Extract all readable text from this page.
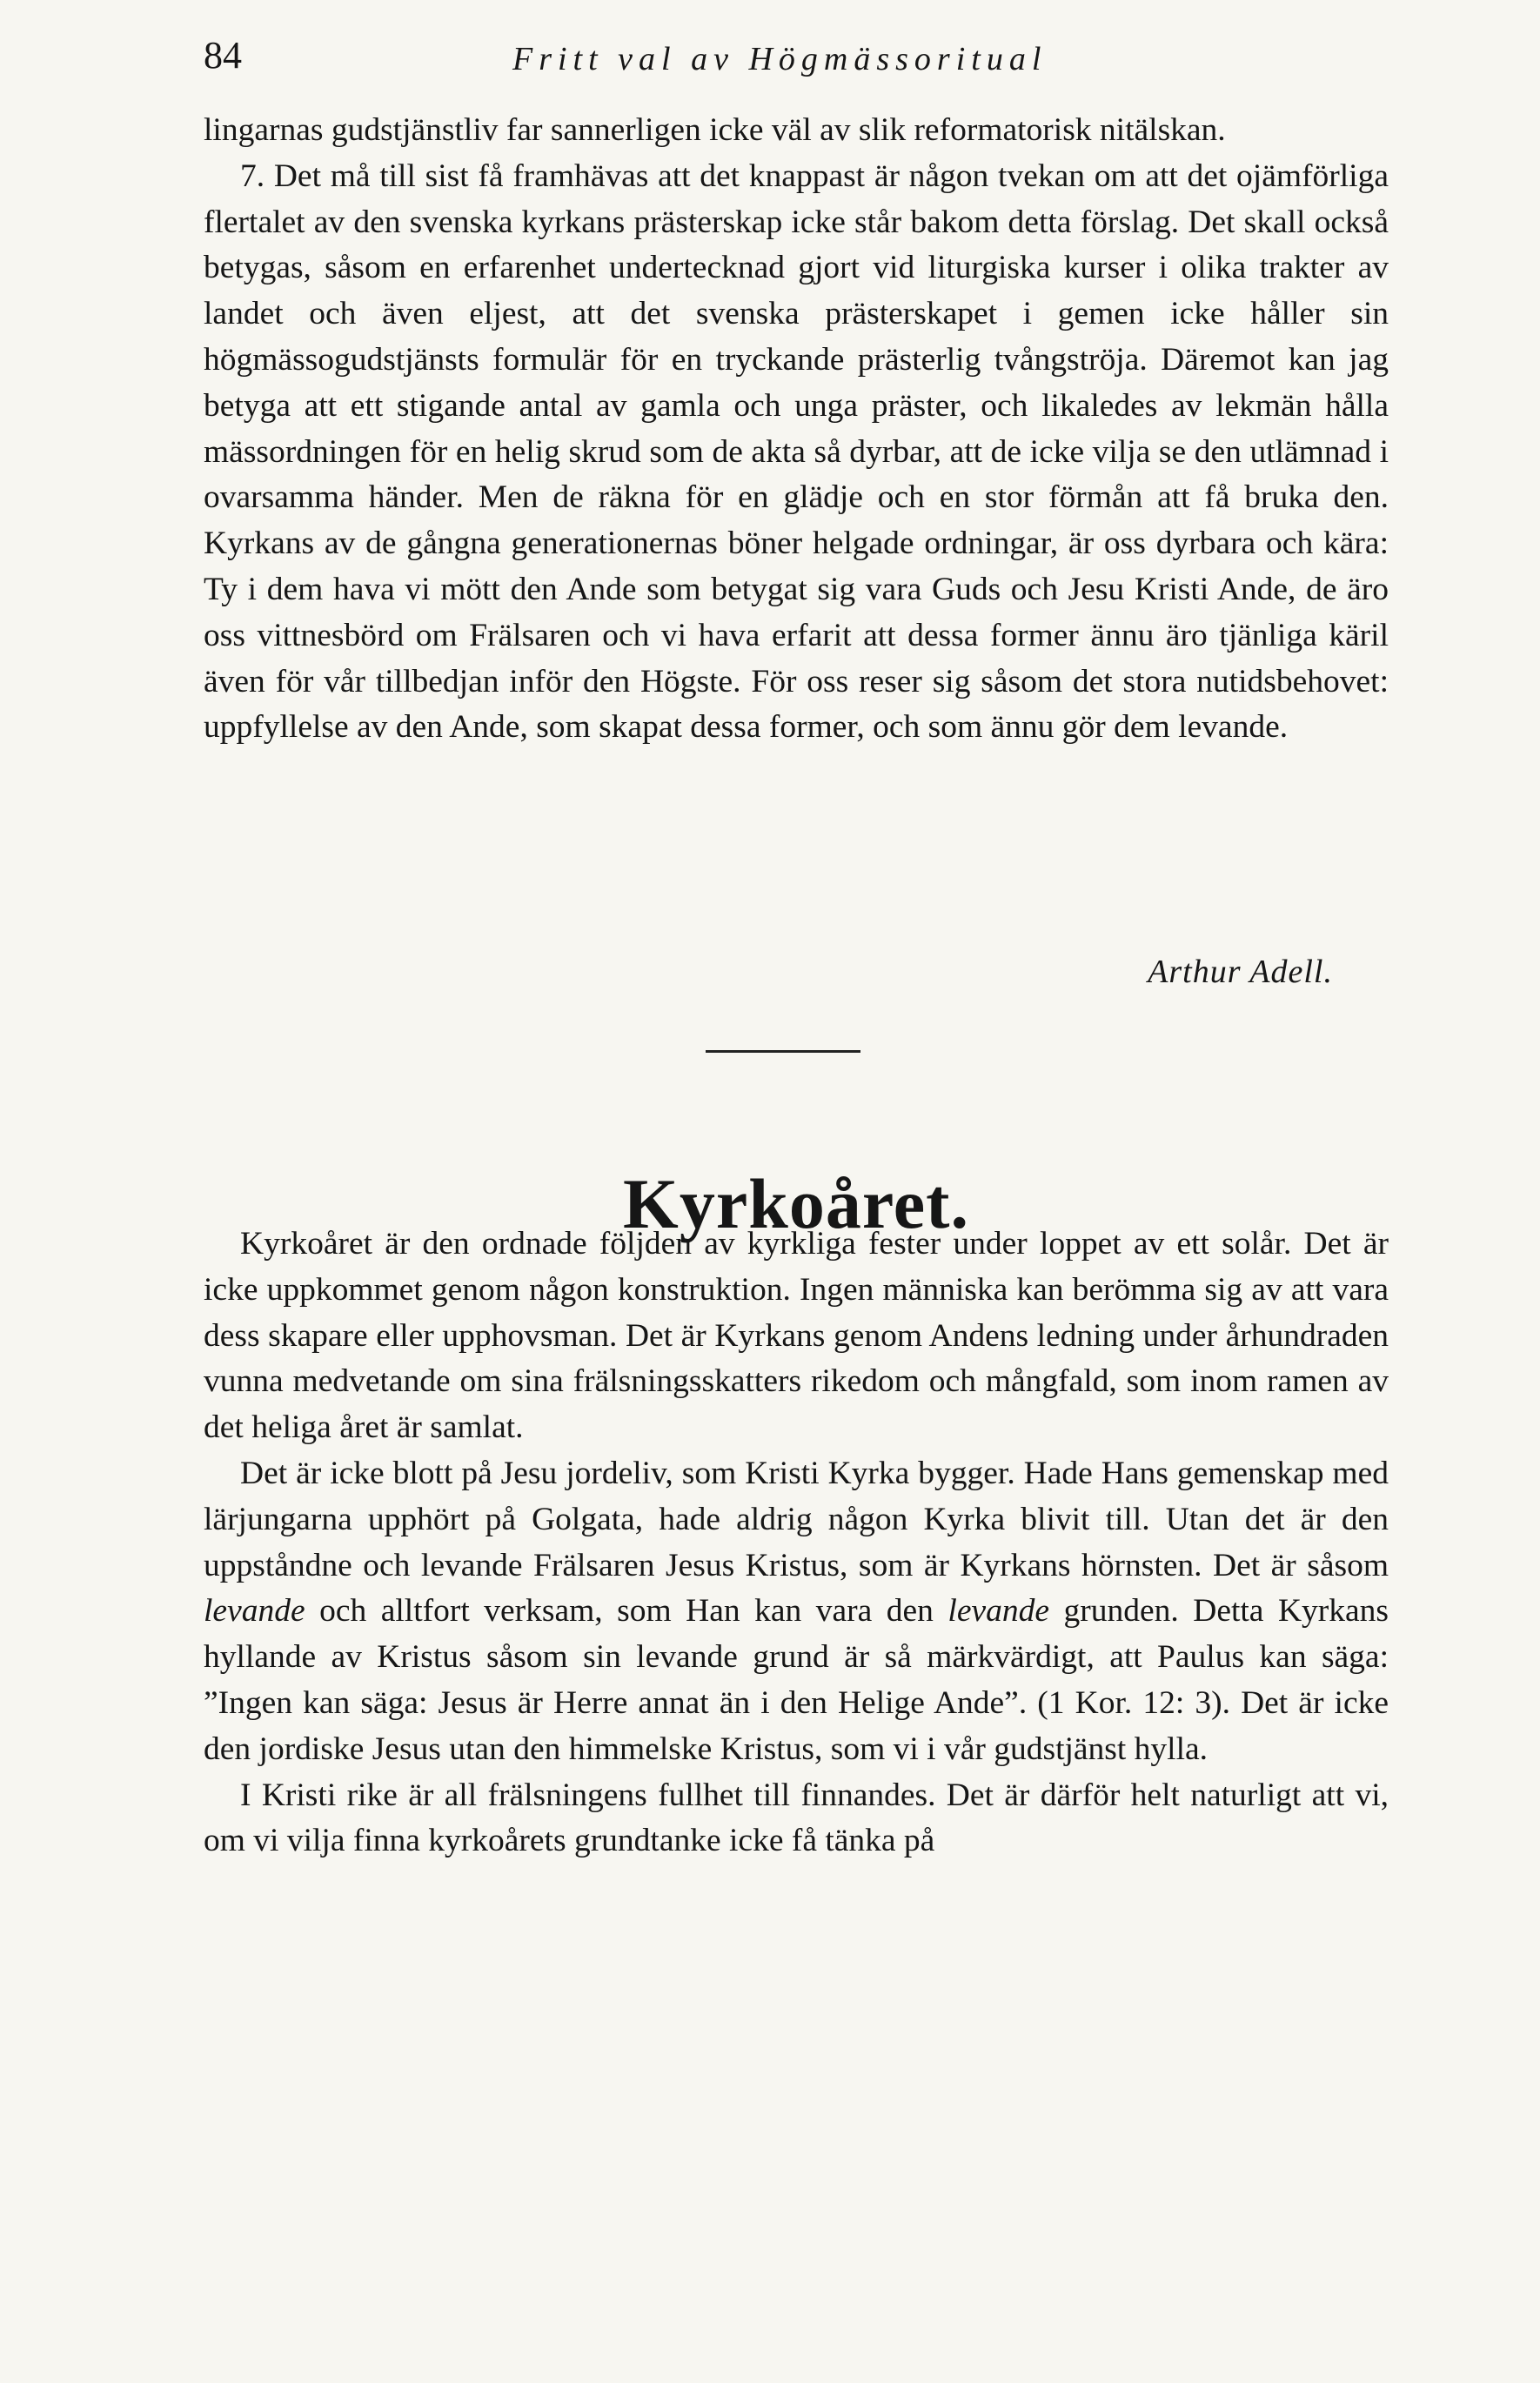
84	Fritt val av Högmässoritual

lingarnas gudstjänstliv far sannerligen icke väl av slik reformatorisk nitälskan.

7. Det må till sist få framhävas att det knappast är någon tvekan om att det ojämförliga flertalet av den svenska kyrkans prästerskap icke står bakom detta förslag. Det skall också betygas, såsom en erfarenhet undertecknad gjort vid liturgiska kurser i olika trakter av landet och även eljest, att det svenska prästerskapet i gemen icke håller sin högmässogudstjänsts formulär för en tryckande prästerlig tvångströja. Däremot kan jag betyga att ett stigande antal av gamla och unga präster, och likaledes av lekmän hålla mässordningen för en helig skrud som de akta så dyrbar, att de icke vilja se den utlämnad i ovarsamma händer. Men de räkna för en glädje och en stor förmån att få bruka den. Kyrkans av de gångna generationernas böner helgade ordningar, är oss dyrbara och kära: Ty i dem hava vi mött den Ande som betygat sig vara Guds och Jesu Kristi Ande, de äro oss vittnesbörd om Frälsaren och vi hava erfarit att dessa former ännu äro tjänliga käril även för vår tillbedjan inför den Högste. För oss reser sig såsom det stora nutidsbehovet: uppfyllelse av den Ande, som skapat dessa former, och som ännu gör dem levande.

Arthur Adell.
Kyrkoåret.

Kyrkoåret är den ordnade följden av kyrkliga fester under loppet av ett solår. Det är icke uppkommet genom någon konstruktion. Ingen människa kan berömma sig av att vara dess skapare eller upphovsman. Det är Kyrkans genom Andens ledning under århundraden vunna medvetande om sina frälsningsskatters rikedom och mångfald, som inom ramen av det heliga året är samlat.

Det är icke blott på Jesu jordeliv, som Kristi Kyrka bygger. Hade Hans gemenskap med lärjungarna upphört på Golgata, hade aldrig någon Kyrka blivit till. Utan det är den uppståndne och levande Frälsaren Jesus Kristus, som är Kyrkans hörnsten. Det är såsom levande och alltfort verksam, som Han kan vara den levande grunden. Detta Kyrkans hyllande av Kristus såsom sin levande grund är så märkvärdigt, att Paulus kan säga: ”Ingen kan säga: Jesus är Herre annat än i den Helige Ande”. (1 Kor. 12: 3). Det är icke den jordiske Jesus utan den himmelske Kristus, som vi i vår gudstjänst hylla.

I Kristi rike är all frälsningens fullhet till finnandes. Det är därför helt naturligt att vi, om vi vilja finna kyrkoårets grundtanke icke få tänka på
